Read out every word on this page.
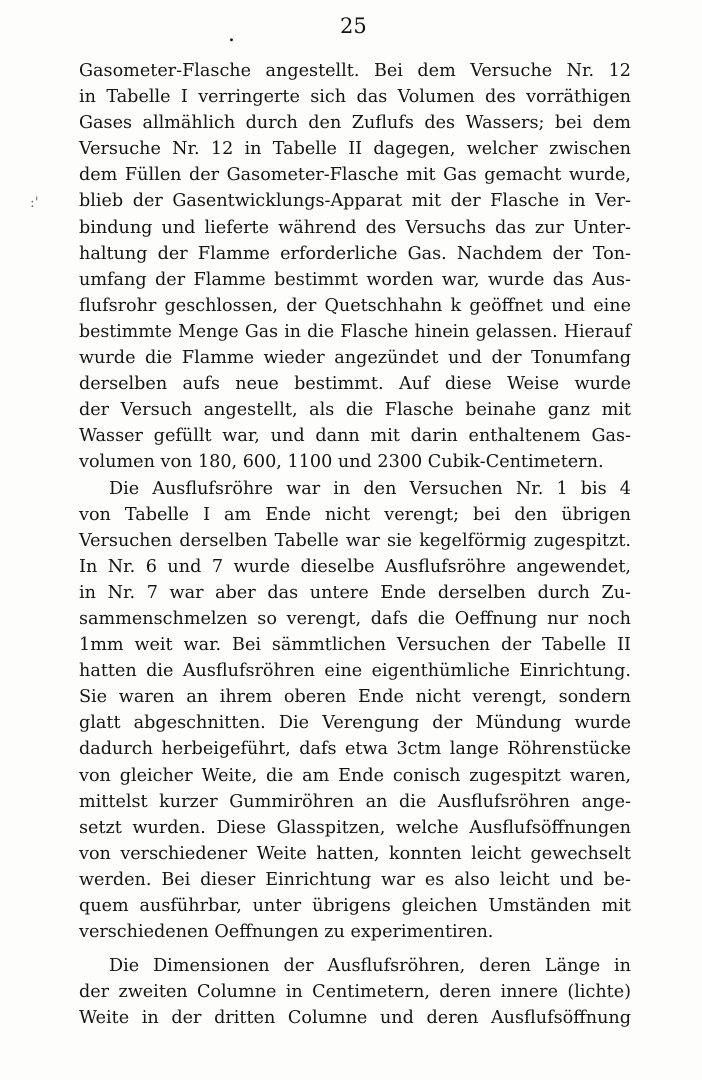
.	25
:'
Gasometer-Flasche angestellt. Bei dem Versuche Nr. 12
in Tabelle I verringerte sich das Volumen des vorräthigen
Gases allmählich durch den Zuflufs des Wassers; bei dem
Versuche Nr. 12 in Tabelle II dagegen, welcher zwischen
dem Füllen der Gasometer-Flasche mit Gas gemacht wurde,
blieb der Gasentwicklungs-Apparat mit der Flasche in Ver-
bindung und lieferte während des Versuchs das zur Unter-
haltung der Flamme erforderliche Gas. Nachdem der Ton-
umfang der Flamme bestimmt worden war, wurde das Aus-
flufsrohr geschlossen, der Quetschhahn k geöffnet und eine
bestimmte Menge Gas in die Flasche hinein gelassen. Hierauf
wurde die Flamme wieder angezündet und der Tonumfang
derselben aufs neue bestimmt. Auf diese Weise wurde
der Versuch angestellt, als die Flasche beinahe ganz mit
Wasser gefüllt war, und dann mit darin enthaltenem Gas-
volumen von 180, 600, 1100 und 2300 Cubik-Centimetern.
Die Ausflufsröhre war in den Versuchen Nr. 1 bis 4
von Tabelle I am Ende nicht verengt; bei den übrigen
Versuchen derselben Tabelle war sie kegelförmig zugespitzt.
In Nr. 6 und 7 wurde dieselbe Ausflufsröhre angewendet,
in Nr. 7 war aber das untere Ende derselben durch Zu-
sammenschmelzen so verengt, dafs die Oeffnung nur noch
1mm weit war. Bei sämmtlichen Versuchen der Tabelle II
hatten die Ausflufsröhren eine eigenthümliche Einrichtung.
Sie waren an ihrem oberen Ende nicht verengt, sondern
glatt abgeschnitten. Die Verengung der Mündung wurde
dadurch herbeigeführt, dafs etwa 3ctm lange Röhrenstücke
von gleicher Weite, die am Ende conisch zugespitzt waren,
mittelst kurzer Gummiröhren an die Ausflufsröhren ange-
setzt wurden. Diese Glasspitzen, welche Ausflufsöffnungen
von verschiedener Weite hatten, konnten leicht gewechselt
werden. Bei dieser Einrichtung war es also leicht und be-
quem ausführbar, unter übrigens gleichen Umständen mit
verschiedenen Oeffnungen zu experimentiren.
Die Dimensionen der Ausflufsröhren, deren Länge in
der zweiten Columne in Centimetern, deren innere (lichte)
Weite in der dritten Columne und deren Ausflufsöffnung
